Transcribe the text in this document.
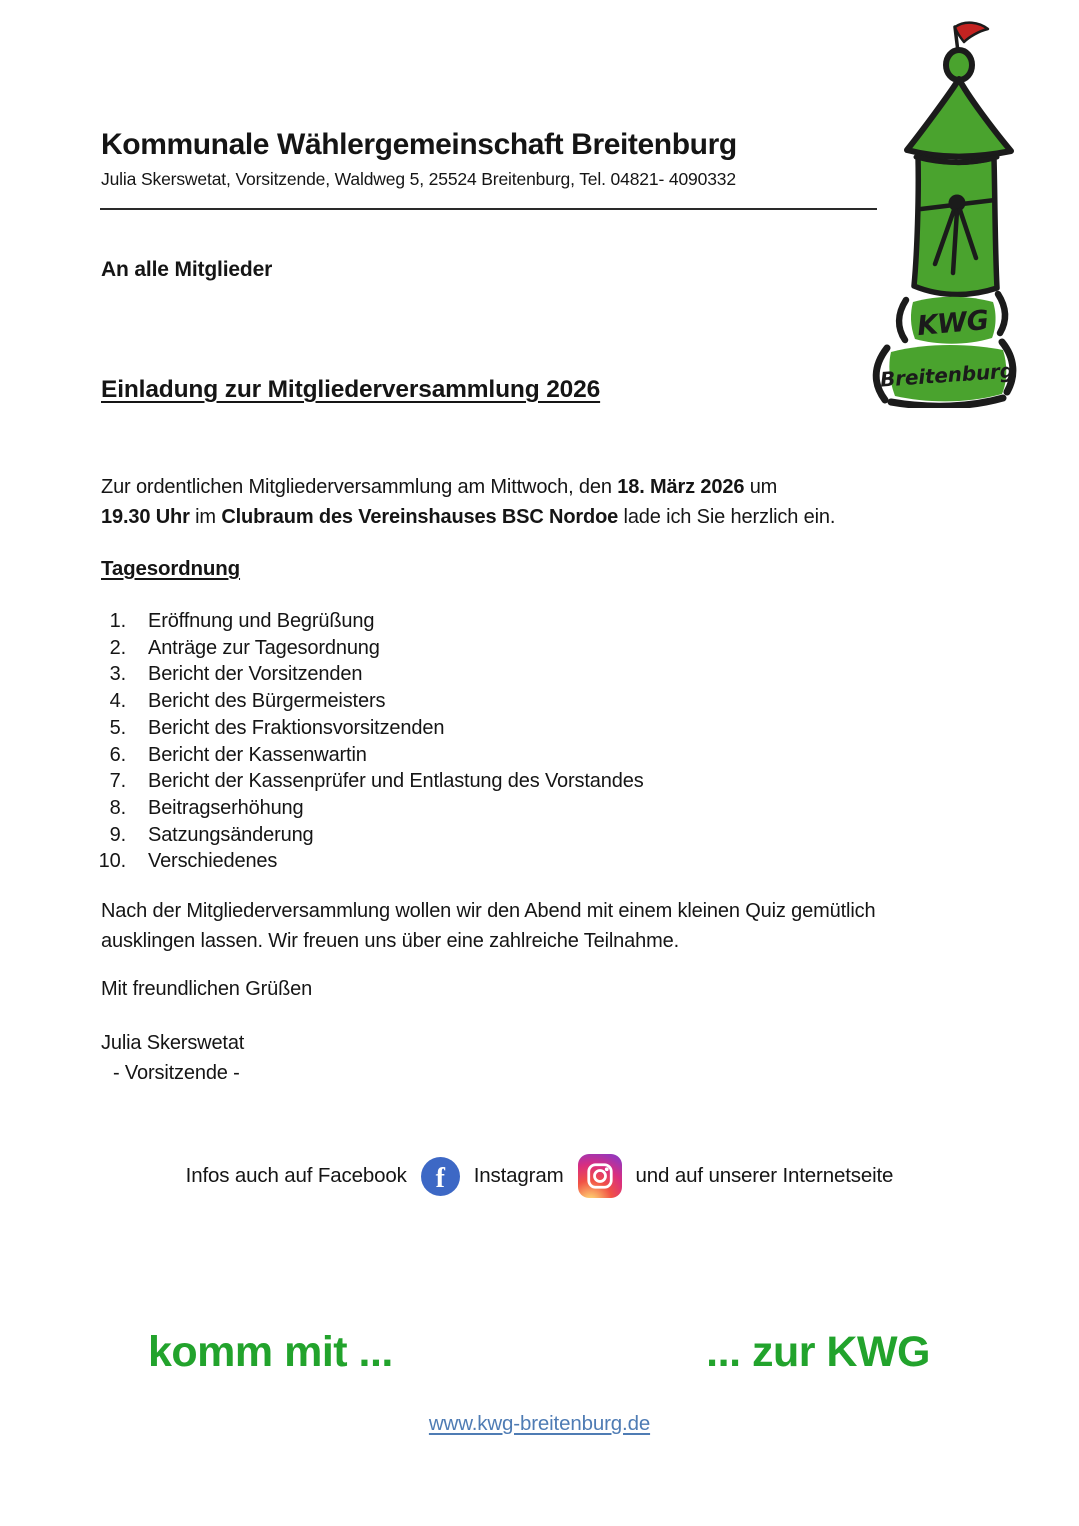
Kommunale Wählergemeinschaft Breitenburg
Julia Skerswetat, Vorsitzende, Waldweg 5, 25524 Breitenburg, Tel. 04821- 4090332
KWG
Breitenburg
An alle Mitglieder
Einladung zur Mitgliederversammlung 2026
Zur ordentlichen Mitgliederversammlung am Mittwoch, den 18. März 2026 um
19.30 Uhr im Clubraum des Vereinshauses BSC Nordoe lade ich Sie herzlich ein.
Tagesordnung
1. Eröffnung und Begrüßung
2. Anträge zur Tagesordnung
3. Bericht der Vorsitzenden
4. Bericht des Bürgermeisters
5. Bericht des Fraktionsvorsitzenden
6. Bericht der Kassenwartin
7. Bericht der Kassenprüfer und Entlastung des Vorstandes
8. Beitragserhöhung
9. Satzungsänderung
10. Verschiedenes
Nach der Mitgliederversammlung wollen wir den Abend mit einem kleinen Quiz gemütlich ausklingen lassen. Wir freuen uns über eine zahlreiche Teilnahme.
Mit freundlichen Grüßen
Julia Skerswetat
- Vorsitzende -
Infos auch auf Facebook f Instagram	und auf unserer Internetseite
komm mit ...	... zur KWG
www.kwg-breitenburg.de
